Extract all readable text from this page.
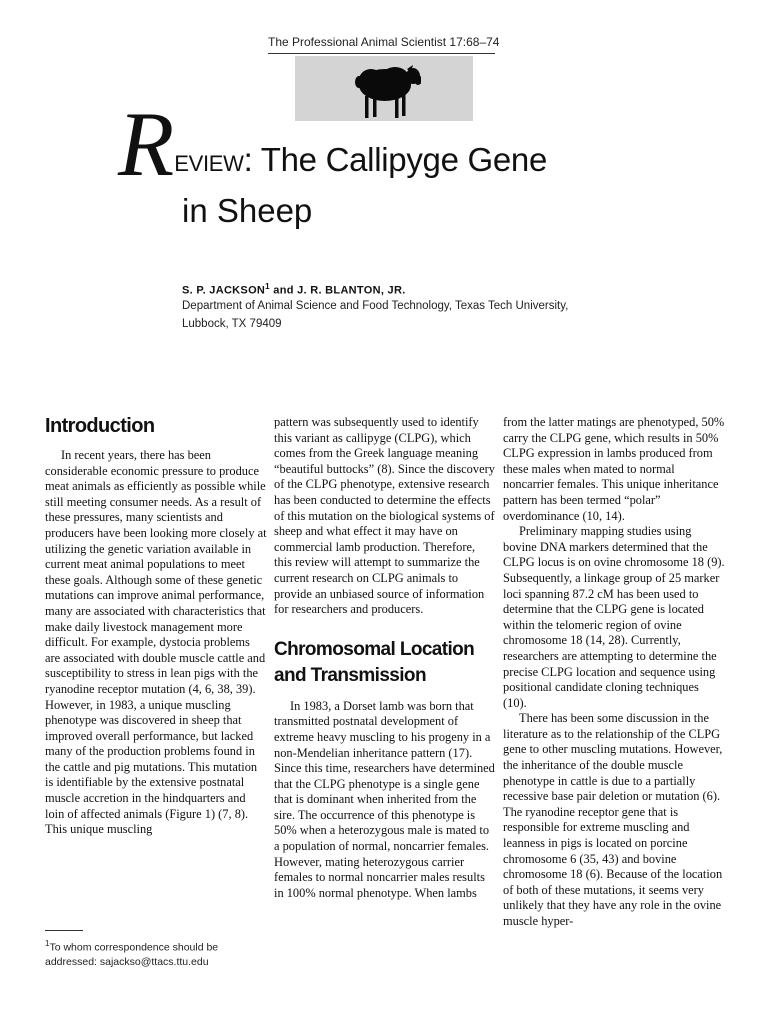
The Professional Animal Scientist 17:68–74
REVIEW: The Callipyge Gene
in Sheep
S. P. JACKSON$^1$ and J. R. BLANTON, JR.
Department of Animal Science and Food Technology, Texas Tech University,
Lubbock, TX 79409
Introduction

In recent years, there has been considerable economic pressure to produce meat animals as efficiently as possible while still meeting consumer needs. As a result of these pressures, many scientists and producers have been looking more closely at utilizing the genetic variation available in current meat animal populations to meet these goals. Although some of these genetic mutations can improve animal performance, many are associated with characteristics that make daily livestock management more difficult. For example, dystocia problems are associated with double muscle cattle and susceptibility to stress in lean pigs with the ryanodine receptor mutation (4, 6, 38, 39). However, in 1983, a unique muscling phenotype was discovered in sheep that improved overall performance, but lacked many of the production problems found in the cattle and pig mutations. This mutation is identifiable by the extensive postnatal muscle accretion in the hindquarters and loin of affected animals (Figure 1) (7, 8). This unique muscling

pattern was subsequently used to identify this variant as callipyge (CLPG), which comes from the Greek language meaning “beautiful buttocks” (8). Since the discovery of the CLPG phenotype, extensive research has been conducted to determine the effects of this mutation on the biological systems of sheep and what effect it may have on commercial lamb production. Therefore, this review will attempt to summarize the current research on CLPG animals to provide an unbiased source of information for researchers and producers.

Chromosomal Location
and Transmission

In 1983, a Dorset lamb was born that transmitted postnatal development of extreme heavy muscling to his progeny in a non-Mendelian inheritance pattern (17). Since this time, researchers have determined that the CLPG phenotype is a single gene that is dominant when inherited from the sire. The occurrence of this phenotype is 50% when a heterozygous male is mated to a population of normal, noncarrier females. However, mating heterozygous carrier females to normal noncarrier males results in 100% normal phenotype. When lambs

from the latter matings are phenotyped, 50% carry the CLPG gene, which results in 50% CLPG expression in lambs produced from these males when mated to normal noncarrier females. This unique inheritance pattern has been termed “polar” overdominance (10, 14).

Preliminary mapping studies using bovine DNA markers determined that the CLPG locus is on ovine chromosome 18 (9). Subsequently, a linkage group of 25 marker loci spanning 87.2 cM has been used to determine that the CLPG gene is located within the telomeric region of ovine chromosome 18 (14, 28). Currently, researchers are attempting to determine the precise CLPG location and sequence using positional candidate cloning techniques (10).

There has been some discussion in the literature as to the relationship of the CLPG gene to other muscling mutations. However, the inheritance of the double muscle phenotype in cattle is due to a partially recessive base pair deletion or mutation (6). The ryanodine receptor gene that is responsible for extreme muscling and leanness in pigs is located on porcine chromosome 6 (35, 43) and bovine chromosome 18 (6). Because of the location of both of these mutations, it seems very unlikely that they have any role in the ovine muscle hyper-

$^1$To whom correspondence should be addressed: sajackso@ttacs.ttu.edu
